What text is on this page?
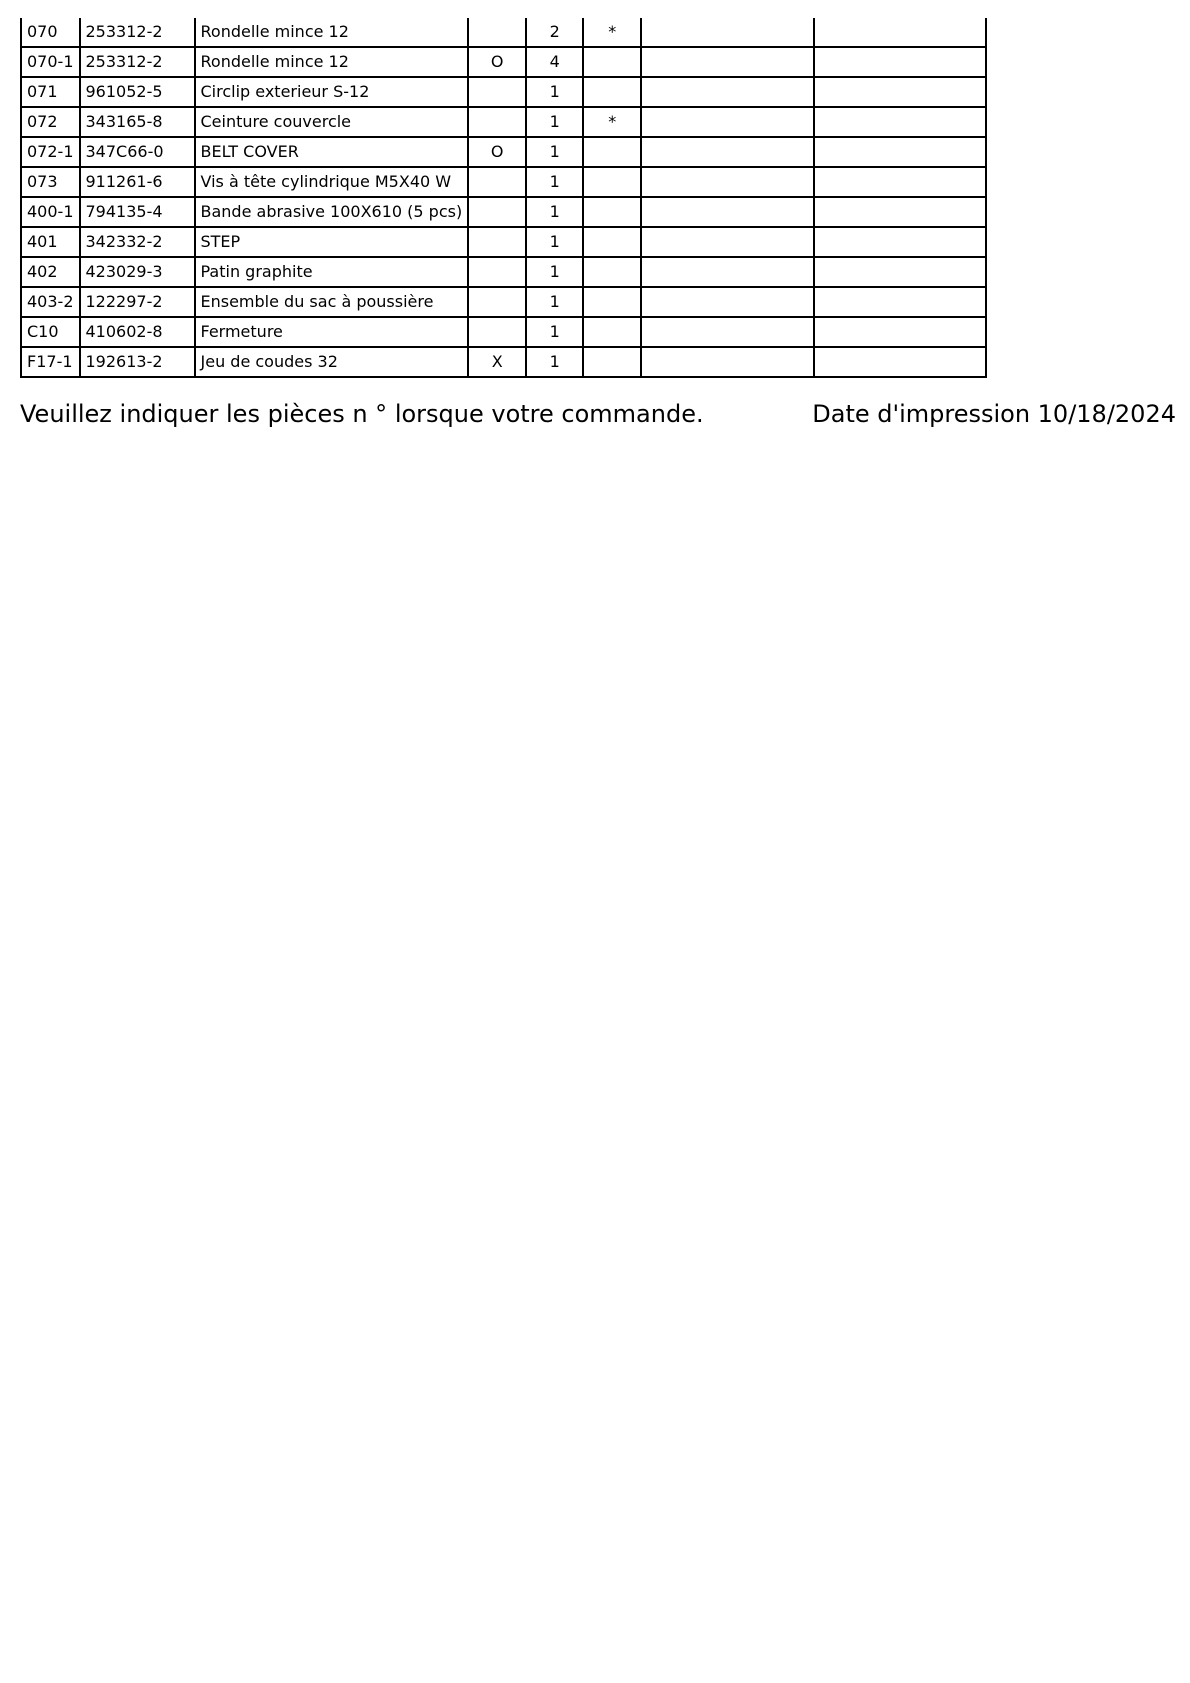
070	253312-2	Rondelle mince 12		2	*		
070-1	253312-2	Rondelle mince 12	O	4			
071	961052-5	Circlip exterieur S-12		1			
072	343165-8	Ceinture couvercle		1	*		
072-1	347C66-0	BELT COVER	O	1			
073	911261-6	Vis à tête cylindrique M5X40 W		1			
400-1	794135-4	Bande abrasive 100X610 (5 pcs)		1			
401	342332-2	STEP		1			
402	423029-3	Patin graphite		1			
403-2	122297-2	Ensemble du sac à poussière		1			
C10	410602-8	Fermeture		1			
F17-1	192613-2	Jeu de coudes 32	X	1			
Veuillez indiquer les pièces n ° lorsque votre commande.	Date d'impression 10/18/2024
